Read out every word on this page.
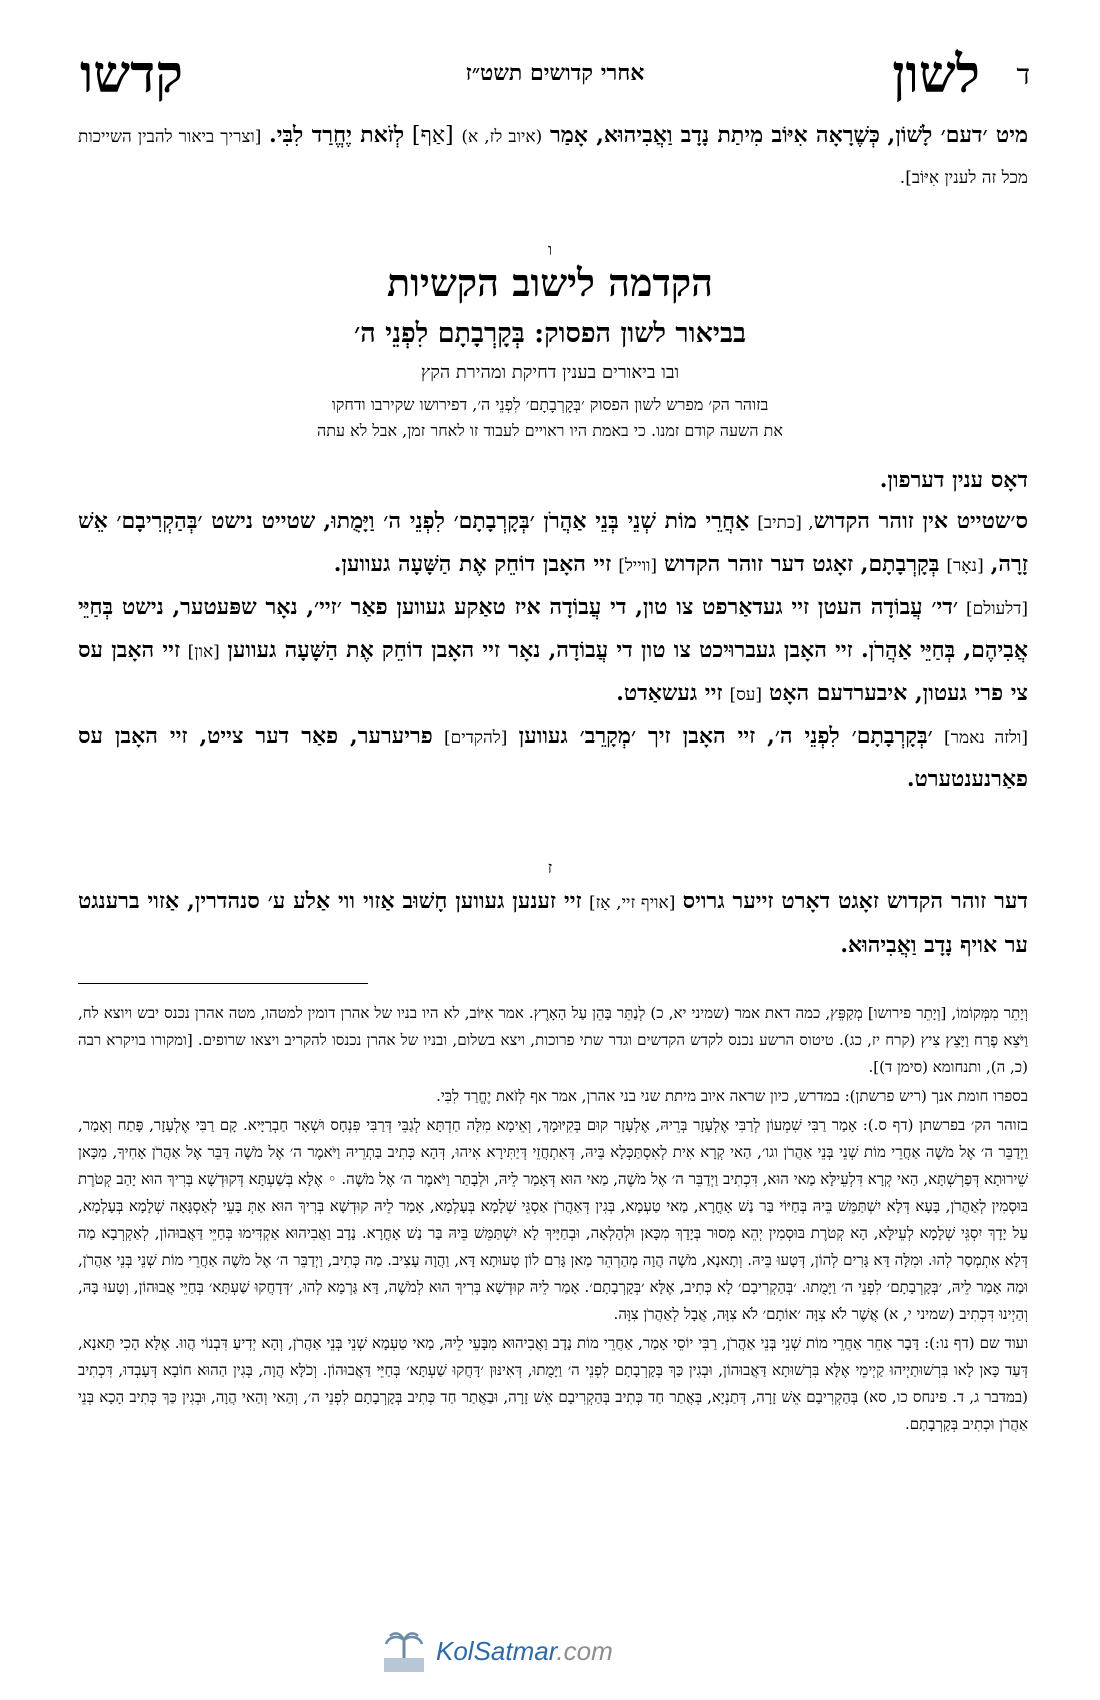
ד
לשון
אחרי קדושים תשט״ז
קדשו
מיט ׳דעם׳ לָשׁוֹן, כְּשֶׁרָאָה אִיּוֹב מִיתַת נָדָב וַאֲבִיהוּא, אָמַר (איוב לז, א) [אַף] לְזֹאת יֶחֱרַד לִבִּי. [וצריך ביאור להבין השייכות מכל זה לענין אִיּוֹב].
ו
הקדמה לישוב הקשיות
בביאור לשון הפסוק: בְּקָרְבָתָם לִפְנֵי ה׳
ובו ביאורים בענין דחיקת ומהירת הקץ
בזוהר הק׳ מפרש לשון הפסוק ׳בְּקָרְבָתָם׳ לִפְנֵי ה׳, דפירושו שקירבו ודחקו
את השעה קודם זמנו. כי באמת היו ראויים לעבוד זו לאחר זמן, אבל לא עתה

דאָס ענין דערפון.

ס׳שטייט אין זוהר הקדוש, [כתיב] אַחֲרֵי מוֹת שְׁנֵי בְּנֵי אַהֲרֹן ׳בְּקָרְבָתָם׳ לִפְנֵי ה׳ וַיָּמֻתוּ, שטייט נישט ׳בְּהַקְרִיבָם׳ אֵשׁ זָרָה, [נאָר] בְּקָרְבָתָם, זאָגט דער זוהר הקדוש [ווייל] זיי האָבן דוֹחֵק אֶת הַשָּׁעָה געווען.

[דלעולם] ׳די׳ עֲבוֹדָה העטן זיי געדאַרפט צו טון, די עֲבוֹדָה איז טאַקע געווען פאַר ׳זיי׳, נאָר שפּעטער, נישט בְּחַיֵּי אֲבִיהֶם, בְּחַיֵּי אַהֲרֹן. זיי האָבן געברוּיכט צו טון די עֲבוֹדָה, נאָר זיי האָבן דוֹחֵק אֶת הַשָּׁעָה געווען [און] זיי האָבן עס צי פרי געטון, איבערדעם האָט [עס] זיי געשאַדט.

[ולזה נאמר] ׳בְּקָרְבָתָם׳ לִפְנֵי ה׳, זיי האָבן זיך ׳מְקָרֵב׳ געווען [להקדים] פריערער, פאַר דער צייט, זיי האָבן עס פאַרנענטערט.

ז

דער זוהר הקדוש זאָגט דאָרט זייער גרויס [אויף זיי, אַז] זיי זענען געווען חָשׁוּב אַזוי ווי אַלע ע׳ סנהדרין, אַזוי ברענגט ער אויף נָדָב וַאֲבִיהוּא.

וְיָתֵר מִמְּקוֹמוֹ, [וְיָתֵר פירושו] מְקַפֵּץ, כמה דאת אמר (שמיני יא, כ) לְנַתֵּר בָּהֵן עַל הָאָרֶץ. אמר אִיּוֹב, לא היו בניו של אהרן דומין למטהו, מטה אהרן נכנס יבש ויוצא לח, וַיֹּצֵא פֶרַח וַיָּצֵץ צִיץ (קרח יז, כג). טיטוס הרשע נכנס לקדש הקדשים וגדר שתי פרוכות, ויצא בשלום, ובניו של אהרן נכנסו להקריב ויצאו שרופים. [ומקורו בויקרא רבה (כ, ה), ותנחומא (סימן ד)].

בספרו חומת אנך (ריש פרשתן): במדרש, כיון שראה איוב מיתת שני בני אהרן, אמר אף לְזֹאת יֶחֱרַד לִבִּי.

בזוהר הק׳ בפרשתן (דף ס.): אָמַר רַבִּי שִׁמְעוֹן לְרַבִּי אֶלְעָזָר בְּרֵיהּ, אֶלְעָזָר קוּם בְּקִיּוּמָךְ, וְאֵימָא מִלָּה חַדְתָּא לְגַבֵּי דְּרַבִּי פִּנְחָס וּשְׁאָר חַבְרַיָּיא. קָם רַבִּי אֶלְעָזָר, פָּתַח וְאָמַר, וַיְדַבֵּר ה׳ אֶל מֹשֶׁה אַחֲרֵי מוֹת שְׁנֵי בְּנֵי אַהֲרֹן וגו׳, הַאי קְרָא אִית לְאִסְתַּכְּלָא בֵּיהּ, דְּאִתְחֲזֵי דְּיַתִּירָא אִיהוּ, דְּהָא כְּתִיב בַּתְרֵיהּ וַיֹּאמֶר ה׳ אֶל מֹשֶׁה דַּבֵּר אֶל אַהֲרֹן אָחִיךָ, מִכָּאן שֵׁירוּתָא דְּפַרְשְׁתָּא, הַאי קְרָא דִּלְעֵילָּא מַאי הוּא, דִּכְתִיב וַיְדַבֵּר ה׳ אֶל מֹשֶׁה, מַאי הוּא דְּאָמַר לֵיהּ, וּלְבָתַר וַיֹּאמֶר ה׳ אֶל מֹשֶׁה. ◦ אֶלָּא בְּשַׁעְתָּא דְּקוּדְשָׁא בְּרִיךְ הוּא יָהַב קְטֹרֶת בּוּסְמִין לְאַהֲרֹן, בָּעָא דְּלָא יִשְׁתַּמֵּשׁ בֵּיהּ בְּחַיּוֹי בַּר נַשׁ אָחֳרָא, מַאי טַעְמָא, בְּגִין דְּאַהֲרֹן אַסְגֵּי שְׁלָמָא בְּעָלְמָא, אָמַר לֵיהּ קוּדְשָׁא בְּרִיךְ הוּא אַתְּ בָּעֵי לְאַסְגָּאָה שְׁלָמָא בְּעָלְמָא, עַל יָדָךְ יִסְגֵּי שְׁלָמָא לְעֵילָּא, הָא קְטֹרֶת בּוּסְמִין יְהֵא מְסוּר בְּיָדָךְ מִכָּאן וּלְהָלְאָה, וּבְחַיָּיךְ לָא יִשְׁתַּמֵּשׁ בֵּיהּ בַּר נַשׁ אָחֳרָא. נָדָב וַאֲבִיהוּא אַקְדִּימוּ בְּחַיֵּי דַּאֲבוּהוֹן, לְאַקְרְבָא מַה דְּלָא אִתְמְסַר לְהוּ. וּמִלָּה דָּא גָּרִים לְהוֹן, דְּטָעוּ בֵּיהּ. וְתָאנָא, מֹשֶׁה הֲוָה מְהַרְהֵר מַאן גָּרִם לוֹן טְעוּתָא דָּא, וַהֲוָה עָצִיב. מַה כְּתִיב, וַיְדַבֵּר ה׳ אֶל מֹשֶׁה אַחֲרֵי מוֹת שְׁנֵי בְּנֵי אַהֲרֹן, וּמַה אָמַר לֵיהּ, ׳בְּקָרְבָתָם׳ לִפְנֵי ה׳ וַיָּמֻתוּ. ׳בְּהַקְרִיבָם׳ לָא כְּתִיב, אֶלָּא ׳בְּקָרְבָתָם׳. אָמַר לֵיהּ קוּדְשָׁא בְּרִיךְ הוּא לְמֹשֶׁה, דָּא גַּרְמָא לְהוּ, ׳דְּדָחֲקוּ שַׁעְתָּא׳ בְּחַיֵּי אֲבוּהוֹן, וְטָעוּ בָּהּ, וְהַיְינוּ דִּכְתִיב (שמיני י, א) אֲשֶׁר לֹא צִוָּה ׳אוֹתָם׳ לֹא צִוָּה, אֲבָל לְאַהֲרֹן צִוָּה.

ועוד שם (דף נו:): דָּבָר אַחֵר אַחֲרֵי מוֹת שְׁנֵי בְּנֵי אַהֲרֹן, רַבִּי יוֹסֵי אָמַר, אַחֲרֵי מוֹת נָדָב וַאֲבִיהוּא מִבָּעֵי לֵיהּ, מַאי טַעְמָא שְׁנֵי בְּנֵי אַהֲרֹן, וְהָא יְדִיעַ דִּבְנוֹי הֲווּ. אֶלָּא הָכִי תָּאנָא, דְּעַד כָּאן לָאו בִּרְשׁוּתַיְיהוּ קַיְימֵי אֶלָּא בִּרְשׁוּתָא דַּאֲבוּהוֹן, וּבְגִין כַּךְ בְּקָרְבָתָם לִפְנֵי ה׳ וַיָּמֻתוּ, דְּאִינּוּן ׳דָּחֲקוּ שַׁעְתָּא׳ בְּחַיֵּי דַּאֲבוּהוֹן. וְכֹלָּא הֲוָה, בְּגִין הַהוּא חוֹבָא דְּעָבְדוּ, דִּכְתִיב (במדבר ג, ד. פינחס כו, סא) בְּהַקְרִיבָם אֵשׁ זָרָה, דְּתַנְיָא, בְּאֲתַר חַד כְּתִיב בְּהַקְרִיבָם אֵשׁ זָרָה, וּבַאֲתַר חַד כְּתִיב בְּקָרְבָתָם לִפְנֵי ה׳, וְהַאי וְהַאי הֲוָה, וּבְגִין כַּךְ כְּתִיב הָכָא בְּנֵי אַהֲרֹן וּכְתִיב בְּקָרְבָתָם.

KolSatmar.com
